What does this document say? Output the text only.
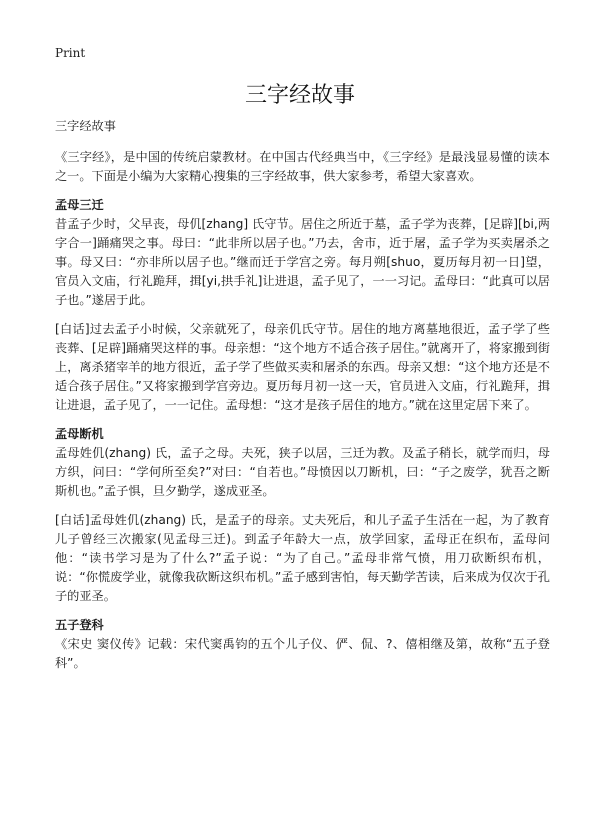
Print
三字经故事

三字经故事

《三字经》，是中国的传统启蒙教材。在中国古代经典当中，《三字经》是最浅显易懂的读本之一。下面是小编为大家精心搜集的三字经故事，供大家参考，希望大家喜欢。

孟母三迁

昔孟子少时，父早丧，母仉[zhang] 氏守节。居住之所近于墓，孟子学为丧葬，[足辟][bi,两字合一]踊痛哭之事。母曰：“此非所以居子也。”乃去，舍市，近于屠，孟子学为买卖屠杀之事。母又曰：“亦非所以居子也。”继而迁于学宫之旁。每月朔[shuo，夏历每月初一日]望，官员入文庙，行礼跪拜，揖[yi,拱手礼]让进退，孟子见了，一一习记。孟母曰：“此真可以居子也。”遂居于此。

[白话]过去孟子小时候，父亲就死了，母亲仉氏守节。居住的地方离墓地很近，孟子学了些丧葬、[足辟]踊痛哭这样的事。母亲想：“这个地方不适合孩子居住。”就离开了，将家搬到街上，离杀猪宰羊的地方很近，孟子学了些做买卖和屠杀的东西。母亲又想：“这个地方还是不适合孩子居住。”又将家搬到学宫旁边。夏历每月初一这一天，官员进入文庙，行礼跪拜，揖让进退，孟子见了，一一记住。孟母想：“这才是孩子居住的地方。”就在这里定居下来了。

孟母断机

孟母姓仉(zhang) 氏，孟子之母。夫死，狭子以居，三迁为教。及孟子稍长，就学而归，母方织，问曰：“学何所至矣?”对曰：“自若也。”母愤因以刀断机，曰：“子之废学，犹吾之断斯机也。”孟子惧，旦夕勤学，遂成亚圣。

[白话]孟母姓仉(zhang) 氏，是孟子的母亲。丈夫死后，和儿子孟子生活在一起，为了教育儿子曾经三次搬家(见孟母三迁)。到孟子年龄大一点，放学回家，孟母正在织布，孟母问他：“读书学习是为了什么?”孟子说：“为了自己。”孟母非常气愤，用刀砍断织布机，说：“你慌废学业，就像我砍断这织布机。”孟子感到害怕，每天勤学苦读，后来成为仅次于孔子的亚圣。

五子登科

《宋史 窦仪传》记载：宋代窦禹钧的五个儿子仪、俨、侃、?、僖相继及第，故称“五子登科”。
